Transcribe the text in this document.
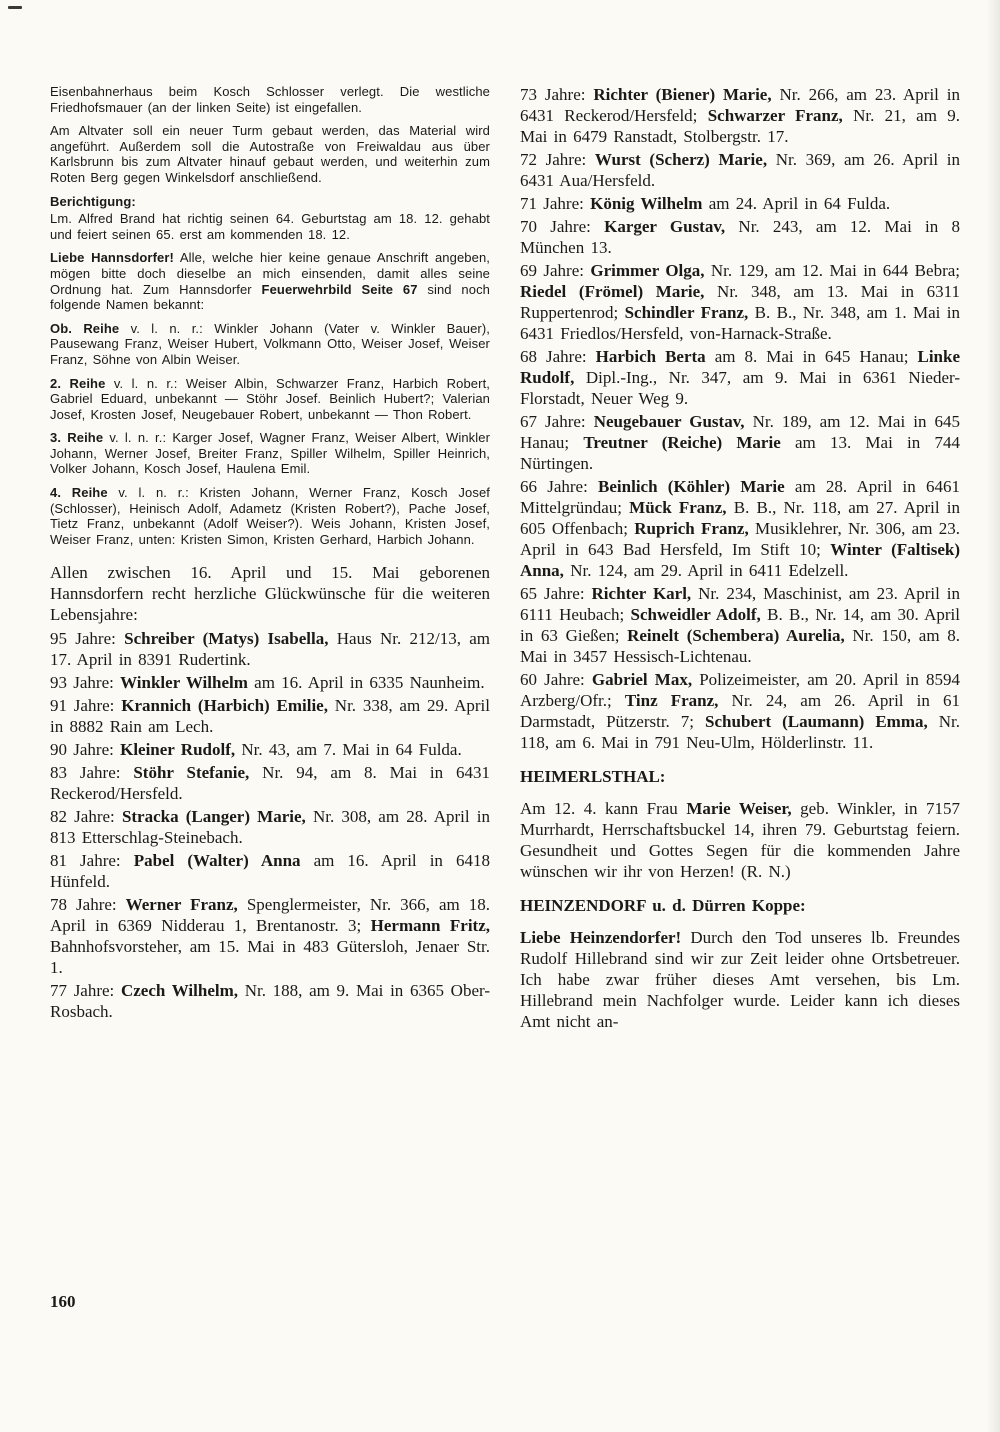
Eisenbahnerhaus beim Kosch Schlosser verlegt. Die westliche Friedhofsmauer (an der linken Seite) ist eingefallen.

Am Altvater soll ein neuer Turm gebaut werden, das Material wird angeführt. Außerdem soll die Autostraße von Freiwaldau aus über Karlsbrunn bis zum Altvater hinauf gebaut werden, und weiterhin zum Roten Berg gegen Winkelsdorf anschließend.

Berichtigung:

Lm. Alfred Brand hat richtig seinen 64. Geburtstag am 18. 12. gehabt und feiert seinen 65. erst am kommenden 18. 12.

Liebe Hannsdorfer! Alle, welche hier keine genaue Anschrift angeben, mögen bitte doch dieselbe an mich einsenden, damit alles seine Ordnung hat. Zum Hannsdorfer Feuerwehrbild Seite 67 sind noch folgende Namen bekannt:

Ob. Reihe v. l. n. r.: Winkler Johann (Vater v. Winkler Bauer), Pausewang Franz, Weiser Hubert, Volkmann Otto, Weiser Josef, Weiser Franz, Söhne von Albin Weiser.

2. Reihe v. l. n. r.: Weiser Albin, Schwarzer Franz, Harbich Robert, Gabriel Eduard, unbekannt — Stöhr Josef. Beinlich Hubert?; Valerian Josef, Krosten Josef, Neugebauer Robert, unbekannt — Thon Robert.

3. Reihe v. l. n. r.: Karger Josef, Wagner Franz, Weiser Albert, Winkler Johann, Werner Josef, Breiter Franz, Spiller Wilhelm, Spiller Heinrich, Volker Johann, Kosch Josef, Haulena Emil.

4. Reihe v. l. n. r.: Kristen Johann, Werner Franz, Kosch Josef (Schlosser), Heinisch Adolf, Adametz (Kristen Robert?), Pache Josef, Tietz Franz, unbekannt (Adolf Weiser?). Weis Johann, Kristen Josef, Weiser Franz, unten: Kristen Simon, Kristen Gerhard, Harbich Johann.

Allen zwischen 16. April und 15. Mai geborenen Hannsdorfern recht herzliche Glückwünsche für die weiteren Lebensjahre:

95 Jahre: Schreiber (Matys) Isabella, Haus Nr. 212/13, am 17. April in 8391 Rudertink.

93 Jahre: Winkler Wilhelm am 16. April in 6335 Naunheim.

91 Jahre: Krannich (Harbich) Emilie, Nr. 338, am 29. April in 8882 Rain am Lech.

90 Jahre: Kleiner Rudolf, Nr. 43, am 7. Mai in 64 Fulda.

83 Jahre: Stöhr Stefanie, Nr. 94, am 8. Mai in 6431 Reckerod/Hersfeld.

82 Jahre: Stracka (Langer) Marie, Nr. 308, am 28. April in 813 Etterschlag-Steinebach.

81 Jahre: Pabel (Walter) Anna am 16. April in 6418 Hünfeld.

78 Jahre: Werner Franz, Spenglermeister, Nr. 366, am 18. April in 6369 Nidderau 1, Brentanostr. 3; Hermann Fritz, Bahnhofsvorsteher, am 15. Mai in 483 Gütersloh, Jenaer Str. 1.

77 Jahre: Czech Wilhelm, Nr. 188, am 9. Mai in 6365 Ober-Rosbach.

73 Jahre: Richter (Biener) Marie, Nr. 266, am 23. April in 6431 Reckerod/Hersfeld; Schwarzer Franz, Nr. 21, am 9. Mai in 6479 Ranstadt, Stolbergstr. 17.

72 Jahre: Wurst (Scherz) Marie, Nr. 369, am 26. April in 6431 Aua/Hersfeld.

71 Jahre: König Wilhelm am 24. April in 64 Fulda.

70 Jahre: Karger Gustav, Nr. 243, am 12. Mai in 8 München 13.

69 Jahre: Grimmer Olga, Nr. 129, am 12. Mai in 644 Bebra; Riedel (Frömel) Marie, Nr. 348, am 13. Mai in 6311 Ruppertenrod; Schindler Franz, B. B., Nr. 348, am 1. Mai in 6431 Friedlos/Hersfeld, von-Harnack-Straße.

68 Jahre: Harbich Berta am 8. Mai in 645 Hanau; Linke Rudolf, Dipl.-Ing., Nr. 347, am 9. Mai in 6361 Nieder-Florstadt, Neuer Weg 9.

67 Jahre: Neugebauer Gustav, Nr. 189, am 12. Mai in 645 Hanau; Treutner (Reiche) Marie am 13. Mai in 744 Nürtingen.

66 Jahre: Beinlich (Köhler) Marie am 28. April in 6461 Mittelgründau; Mück Franz, B. B., Nr. 118, am 27. April in 605 Offenbach; Ruprich Franz, Musiklehrer, Nr. 306, am 23. April in 643 Bad Hersfeld, Im Stift 10; Winter (Faltisek) Anna, Nr. 124, am 29. April in 6411 Edelzell.

65 Jahre: Richter Karl, Nr. 234, Maschinist, am 23. April in 6111 Heubach; Schweidler Adolf, B. B., Nr. 14, am 30. April in 63 Gießen; Reinelt (Schembera) Aurelia, Nr. 150, am 8. Mai in 3457 Hessisch-Lichtenau.

60 Jahre: Gabriel Max, Polizeimeister, am 20. April in 8594 Arzberg/Ofr.; Tinz Franz, Nr. 24, am 26. April in 61 Darmstadt, Pützerstr. 7; Schubert (Laumann) Emma, Nr. 118, am 6. Mai in 791 Neu-Ulm, Hölderlinstr. 11.

HEIMERLSTHAL:

Am 12. 4. kann Frau Marie Weiser, geb. Winkler, in 7157 Murrhardt, Herrschaftsbuckel 14, ihren 79. Geburtstag feiern. Gesundheit und Gottes Segen für die kommenden Jahre wünschen wir ihr von Herzen! (R. N.)

HEINZENDORF u. d. Dürren Koppe:

Liebe Heinzendorfer! Durch den Tod unseres lb. Freundes Rudolf Hillebrand sind wir zur Zeit leider ohne Ortsbetreuer. Ich habe zwar früher dieses Amt versehen, bis Lm. Hillebrand mein Nachfolger wurde. Leider kann ich dieses Amt nicht an-

160
